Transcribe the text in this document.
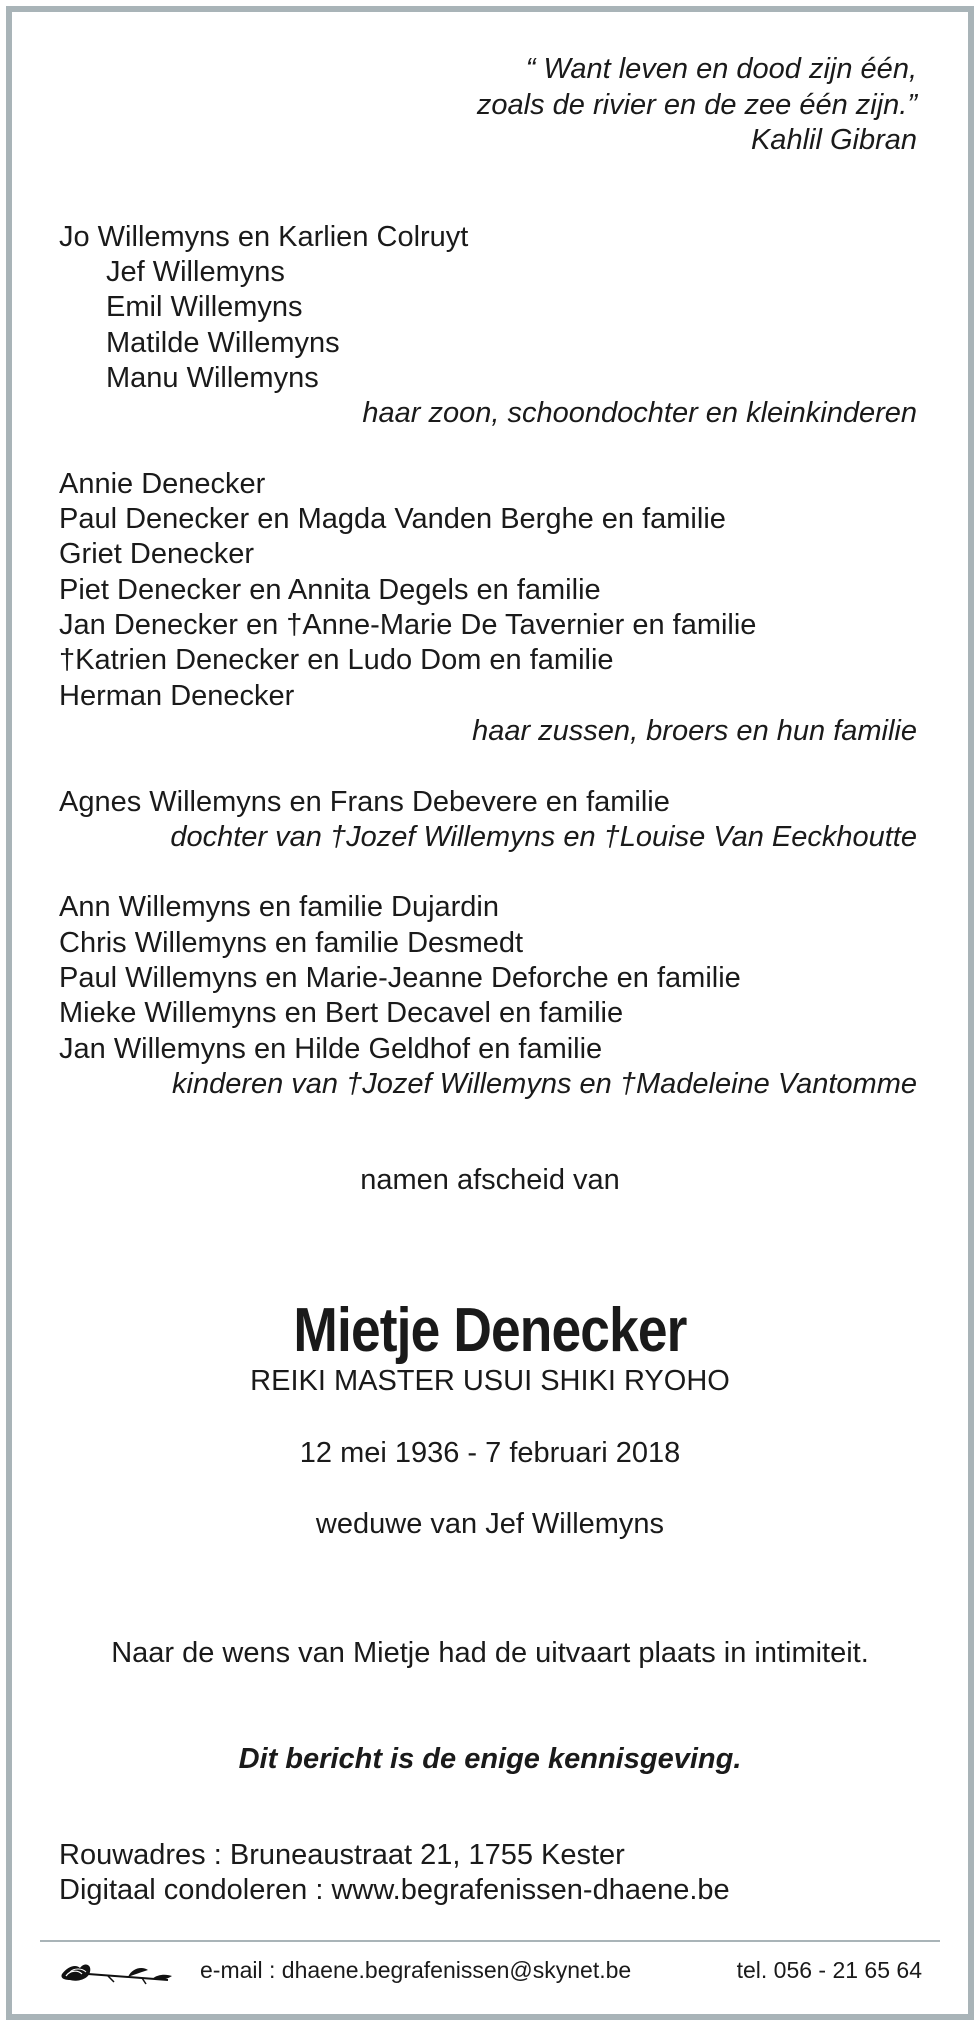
“ Want leven en dood zijn één,

zoals de rivier en de zee één zijn.”

Kahlil Gibran

Jo Willemyns en Karlien Colruyt

Jef Willemyns

Emil Willemyns

Matilde Willemyns

Manu Willemyns

haar zoon, schoondochter en kleinkinderen

Annie Denecker

Paul Denecker en Magda Vanden Berghe en familie

Griet Denecker

Piet Denecker en Annita Degels en familie

Jan Denecker en †Anne-Marie De Tavernier en familie

†Katrien Denecker en Ludo Dom en familie

Herman Denecker

haar zussen, broers en hun familie

Agnes Willemyns en Frans Debevere en familie

dochter van †Jozef Willemyns en †Louise Van Eeckhoutte

Ann Willemyns en familie Dujardin

Chris Willemyns en familie Desmedt

Paul Willemyns en Marie-Jeanne Deforche en familie

Mieke Willemyns en Bert Decavel en familie

Jan Willemyns en Hilde Geldhof en familie

kinderen van †Jozef Willemyns en †Madeleine Vantomme

namen afscheid van

Mietje Denecker

REIKI MASTER USUI SHIKI RYOHO

12 mei 1936 - 7 februari 2018

weduwe van Jef Willemyns

Naar de wens van Mietje had de uitvaart plaats in intimiteit.

Dit bericht is de enige kennisgeving.

Rouwadres : Bruneaustraat 21, 1755 Kester

Digitaal condoleren : www.begrafenissen-dhaene.be

e-mail : dhaene.begrafenissen@skynet.be	tel. 056 - 21 65 64
